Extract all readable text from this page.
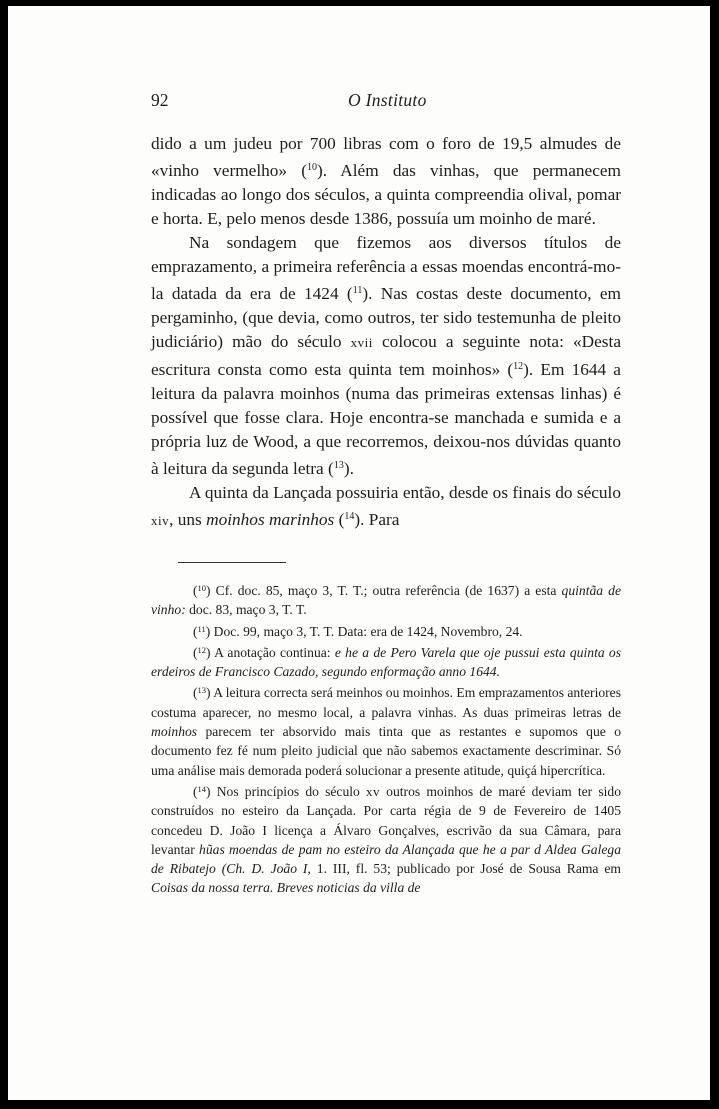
92	O Instituto

dido a um judeu por 700 libras com o foro de 19,5 almudes de «vinho vermelho» ($^{10}$). Além das vinhas, que permanecem indicadas ao longo dos séculos, a quinta compreendia olival, pomar e horta. E, pelo menos desde 1386, possuía um moinho de maré.

Na sondagem que fizemos aos diversos títulos de emprazamento, a primeira referência a essas moendas encontrá-mo-la datada da era de 1424 ($^{11}$). Nas costas deste documento, em pergaminho, (que devia, como outros, ter sido testemunha de pleito judiciário) mão do século xvii colocou a seguinte nota: «Desta escritura consta como esta quinta tem moinhos» ($^{12}$). Em 1644 a leitura da palavra moinhos (numa das primeiras extensas linhas) é possível que fosse clara. Hoje encontra-se manchada e sumida e a própria luz de Wood, a que recorremos, deixou-nos dúvidas quanto à leitura da segunda letra ($^{13}$).

A quinta da Lançada possuiria então, desde os finais do século xiv, uns moinhos marinhos ($^{14}$). Para

($^{10}$) Cf. doc. 85, maço 3, T. T.; outra referência (de 1637) a esta quintãa de vinho: doc. 83, maço 3, T. T.

($^{11}$) Doc. 99, maço 3, T. T. Data: era de 1424, Novembro, 24.

($^{12}$) A anotação continua: e he a de Pero Varela que oje pussui esta quinta os erdeiros de Francisco Cazado, segundo enformação anno 1644.

($^{13}$) A leitura correcta será meinhos ou moinhos. Em emprazamentos anteriores costuma aparecer, no mesmo local, a palavra vinhas. As duas primeiras letras de moinhos parecem ter absorvido mais tinta que as restantes e supomos que o documento fez fé num pleito judicial que não sabemos exactamente descriminar. Só uma análise mais demorada poderá solucionar a presente atitude, quiçá hipercrítica.

($^{14}$) Nos princípios do século xv outros moinhos de maré deviam ter sido construídos no esteiro da Lançada. Por carta régia de 9 de Fevereiro de 1405 concedeu D. João I licença a Álvaro Gonçalves, escrivão da sua Câmara, para levantar hũas moendas de pam no esteiro da Alançada que he a par d Aldea Galega de Ribatejo (Ch. D. João I, 1. III, fl. 53; publicado por José de Sousa Rama em Coisas da nossa terra. Breves noticias da villa de
